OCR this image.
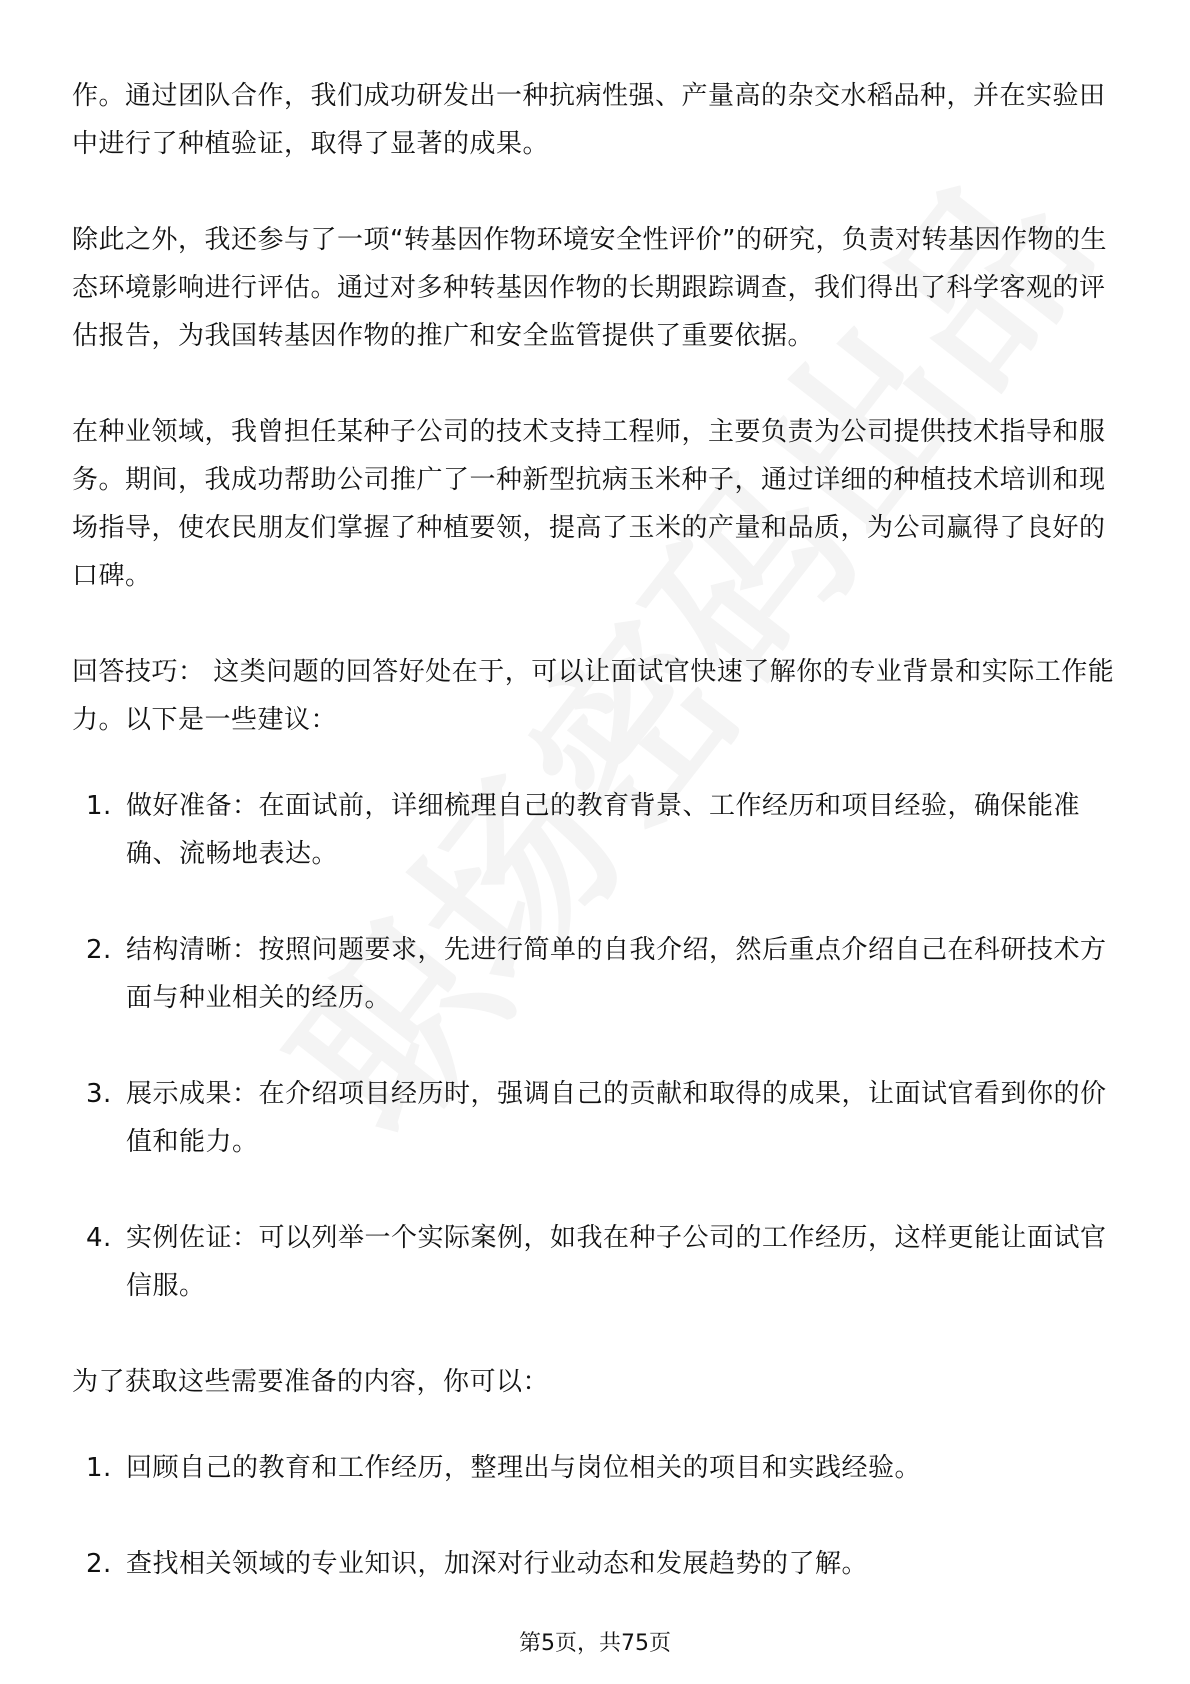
作。通过团队合作，我们成功研发出一种抗病性强、产量高的杂交水稻品种，并在实验田中进行了种植验证，取得了显著的成果。

除此之外，我还参与了一项“转基因作物环境安全性评价”的研究，负责对转基因作物的生态环境影响进行评估。通过对多种转基因作物的长期跟踪调查，我们得出了科学客观的评估报告，为我国转基因作物的推广和安全监管提供了重要依据。

在种业领域，我曾担任某种子公司的技术支持工程师，主要负责为公司提供技术指导和服务。期间，我成功帮助公司推广了一种新型抗病玉米种子，通过详细的种植技术培训和现场指导，使农民朋友们掌握了种植要领，提高了玉米的产量和品质，为公司赢得了良好的口碑。

回答技巧： 这类问题的回答好处在于，可以让面试官快速了解你的专业背景和实际工作能力。以下是一些建议：

1. 做好准备：在面试前，详细梳理自己的教育背景、工作经历和项目经验，确保能准确、流畅地表达。
2. 结构清晰：按照问题要求，先进行简单的自我介绍，然后重点介绍自己在科研技术方面与种业相关的经历。
3. 展示成果：在介绍项目经历时，强调自己的贡献和取得的成果，让面试官看到你的价值和能力。
4. 实例佐证：可以列举一个实际案例，如我在种子公司的工作经历，这样更能让面试官信服。

为了获取这些需要准备的内容，你可以：

1. 回顾自己的教育和工作经历，整理出与岗位相关的项目和实践经验。
2. 查找相关领域的专业知识，加深对行业动态和发展趋势的了解。
第5页，共75页
